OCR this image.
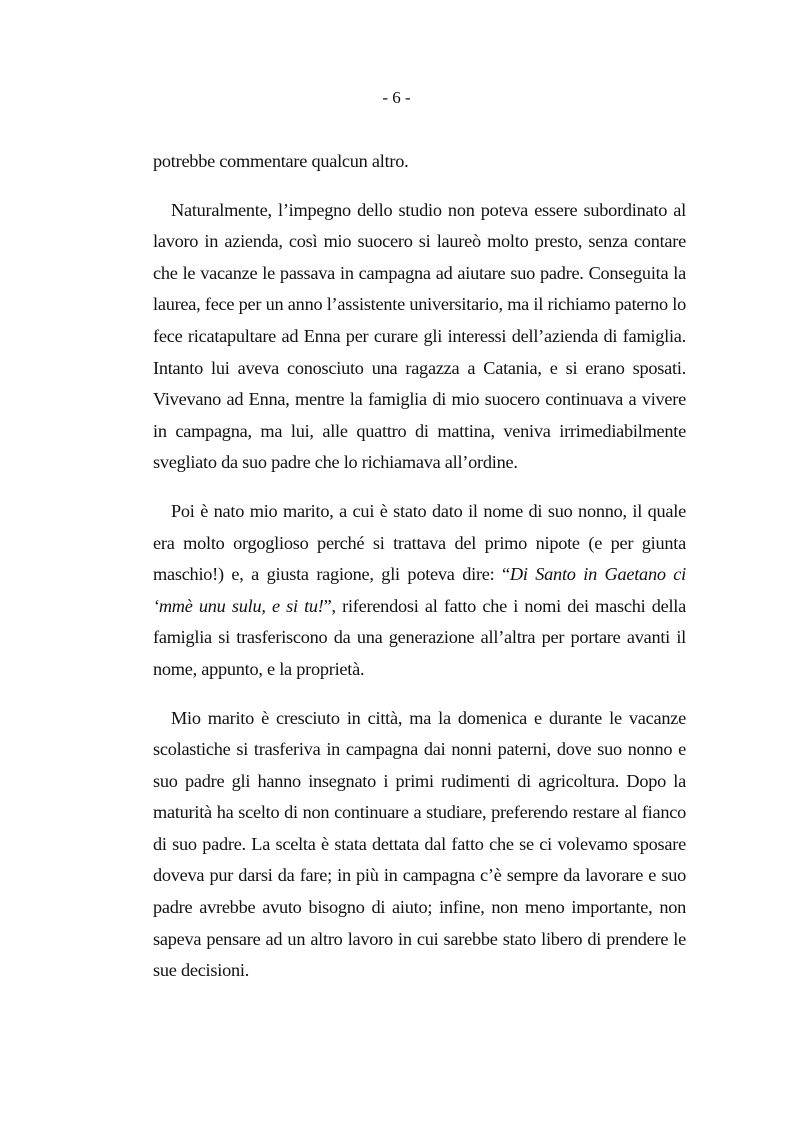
- 6 -

potrebbe commentare qualcun altro.

Naturalmente, l’impegno dello studio non poteva essere subordinato al lavoro in azienda, così mio suocero si laureò molto presto, senza contare che le vacanze le passava in campagna ad aiutare suo padre. Conseguita la laurea, fece per un anno l’assistente universitario, ma il richiamo paterno lo fece ricatapultare ad Enna per curare gli interessi dell’azienda di famiglia. Intanto lui aveva conosciuto una ragazza a Catania, e si erano sposati. Vivevano ad Enna, mentre la famiglia di mio suocero continuava a vivere in campagna, ma lui, alle quattro di mattina, veniva irrimediabilmente svegliato da suo padre che lo richiamava all’ordine.

Poi è nato mio marito, a cui è stato dato il nome di suo nonno, il quale era molto orgoglioso perché si trattava del primo nipote (e per giunta maschio!) e, a giusta ragione, gli poteva dire: “Di Santo in Gaetano ci ‘mmè unu sulu, e si tu!”, riferendosi al fatto che i nomi dei maschi della famiglia si trasferiscono da una generazione all’altra per portare avanti il nome, appunto, e la proprietà.

Mio marito è cresciuto in città, ma la domenica e durante le vacanze scolastiche si trasferiva in campagna dai nonni paterni, dove suo nonno e suo padre gli hanno insegnato i primi rudimenti di agricoltura. Dopo la maturità ha scelto di non continuare a studiare, preferendo restare al fianco di suo padre. La scelta è stata dettata dal fatto che se ci volevamo sposare doveva pur darsi da fare; in più in campagna c’è sempre da lavorare e suo padre avrebbe avuto bisogno di aiuto; infine, non meno importante, non sapeva pensare ad un altro lavoro in cui sarebbe stato libero di prendere le sue decisioni.
